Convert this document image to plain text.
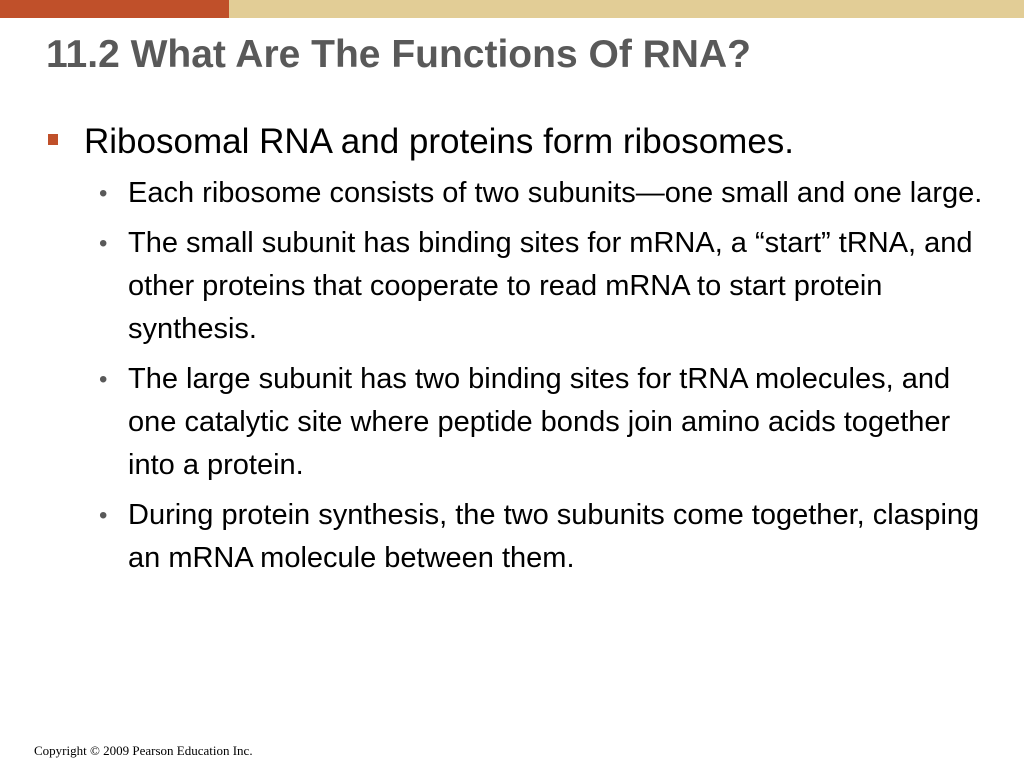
11.2 What Are The Functions Of RNA?
Ribosomal RNA and proteins form ribosomes.
• Each ribosome consists of two subunits—one small and one large.
• The small subunit has binding sites for mRNA, a “start” tRNA, and other proteins that cooperate to read mRNA to start protein synthesis.
• The large subunit has two binding sites for tRNA molecules, and one catalytic site where peptide bonds join amino acids together into a protein.
• During protein synthesis, the two subunits come together, clasping an mRNA molecule between them.
Copyright © 2009 Pearson Education Inc.
